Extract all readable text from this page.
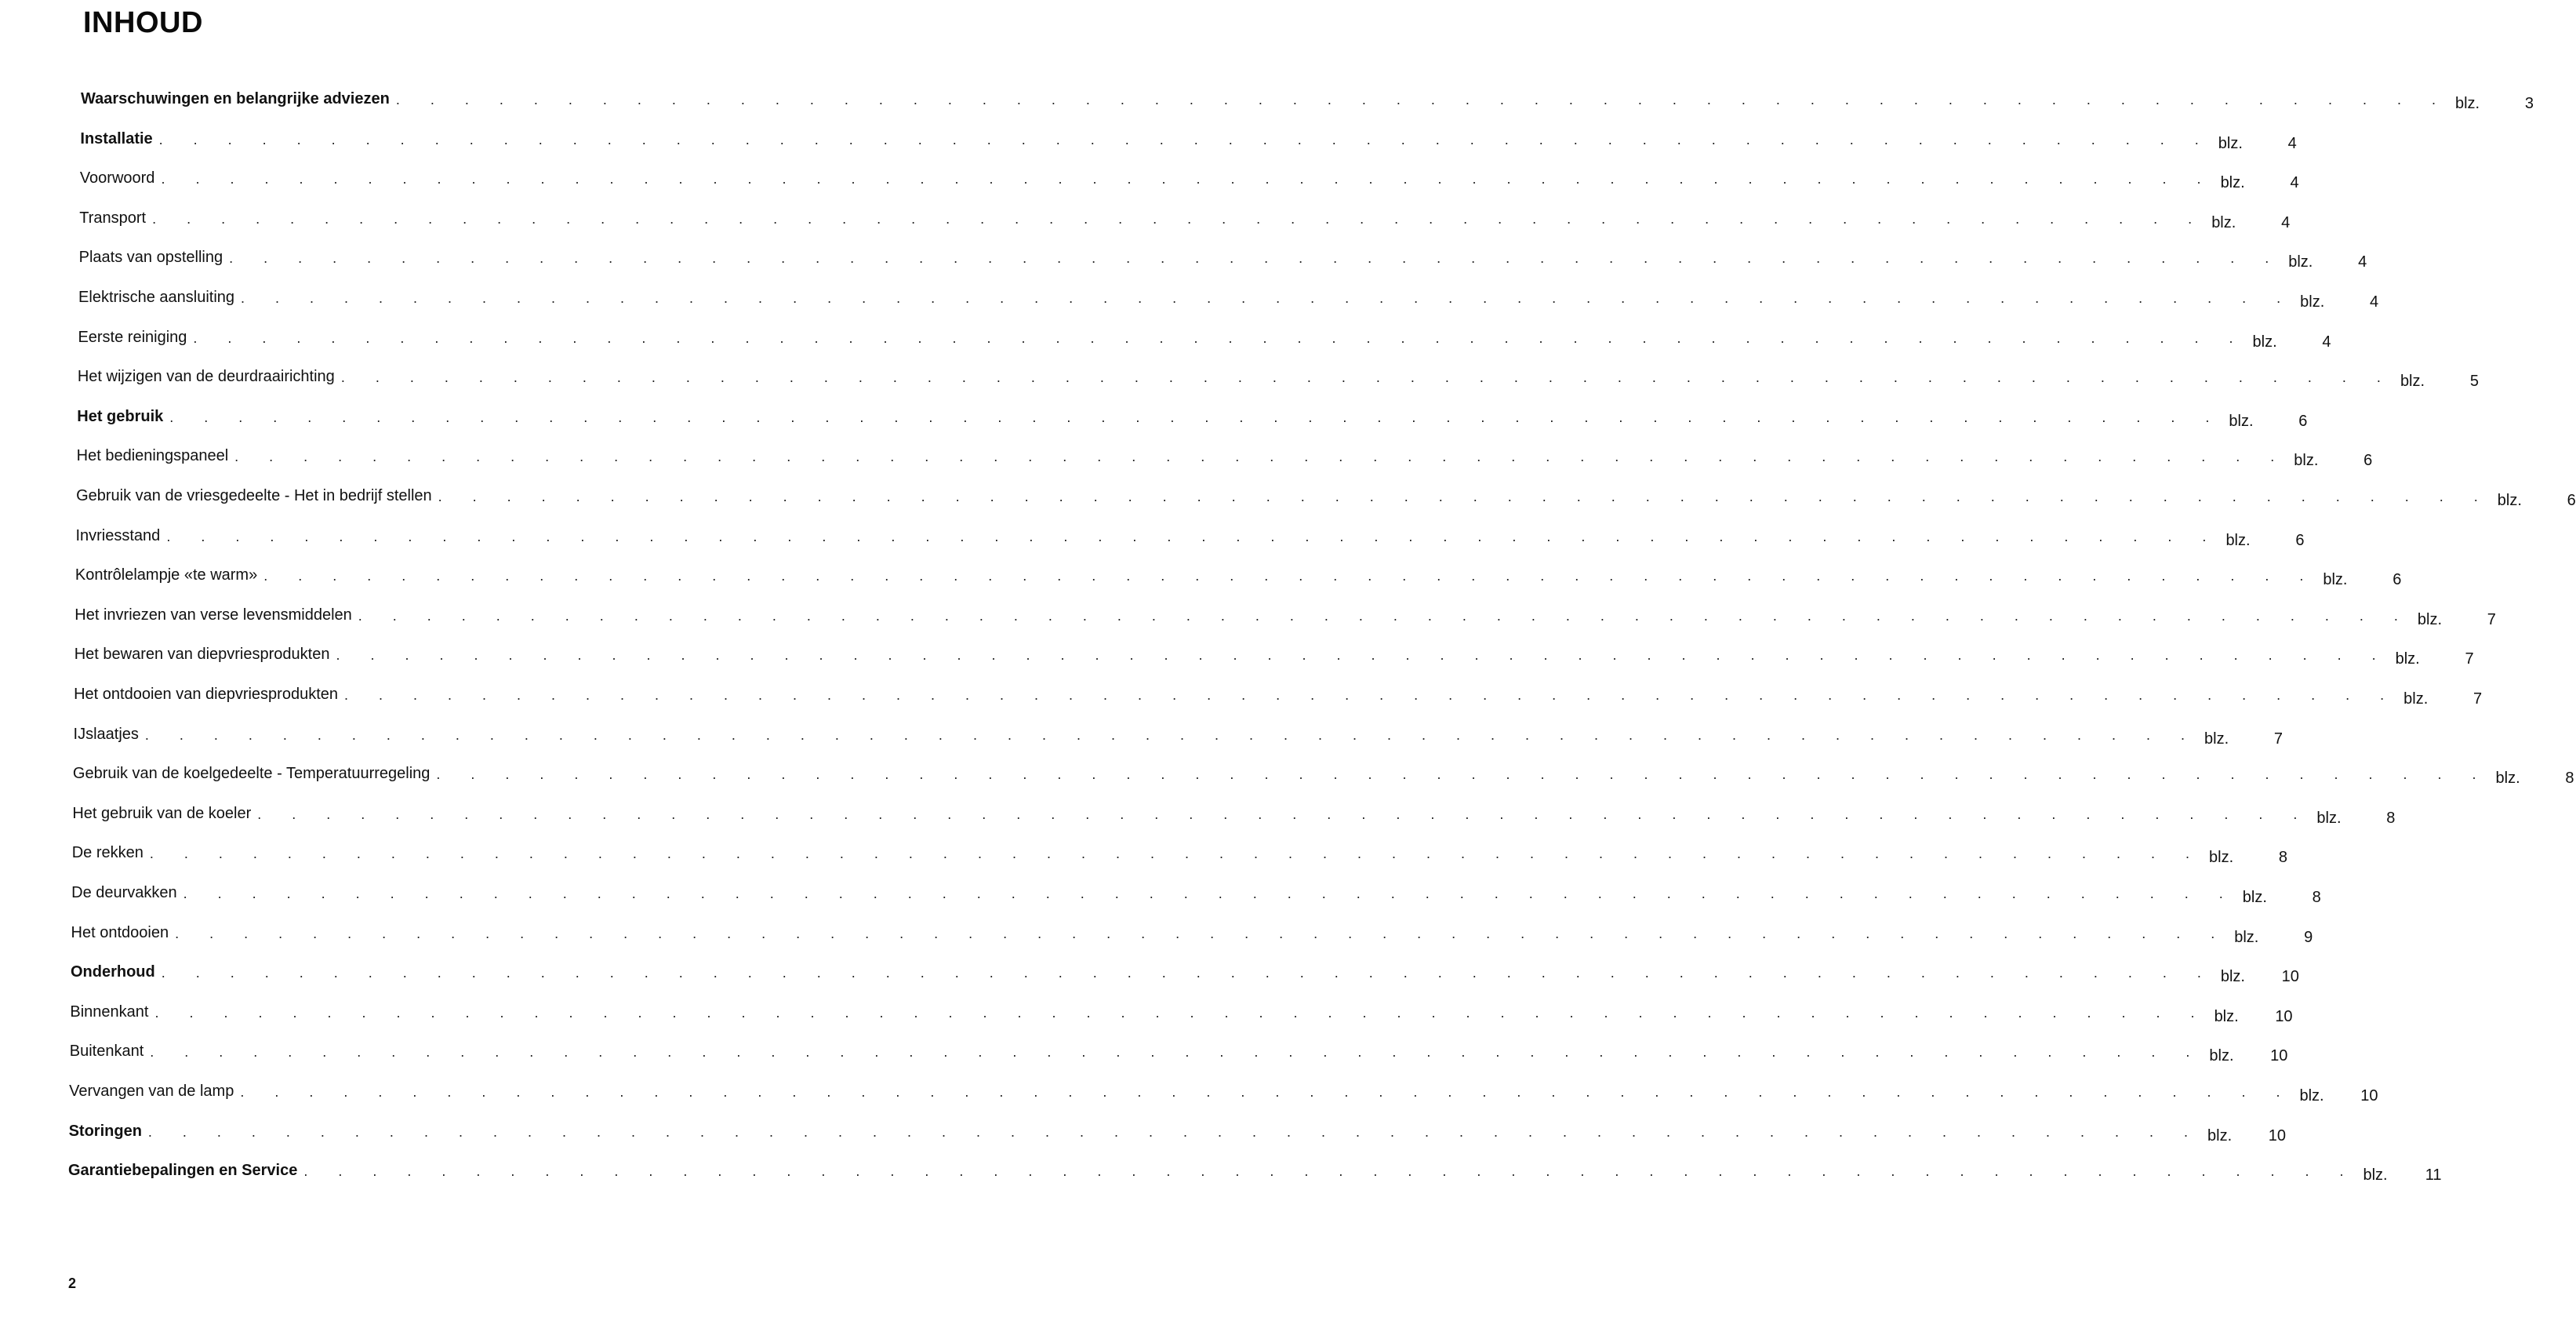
INHOUD
Waarschuwingen en belangrijke adviezen . . . . . . . . . . . . . . . . . . . . . . . . . . . . . . . . . . . . . . . . . . . . . . . . . . . . . . . . . . . . blz.	3
Installatie . . . . . . . . . . . . . . . . . . . . . . . . . . . . . . . . . . . . . . . . . . . . . . . . . . . . . . . . . . . . blz.	4
Voorwoord . . . . . . . . . . . . . . . . . . . . . . . . . . . . . . . . . . . . . . . . . . . . . . . . . . . . . . . . . . . . blz.	4
Transport . . . . . . . . . . . . . . . . . . . . . . . . . . . . . . . . . . . . . . . . . . . . . . . . . . . . . . . . . . . . blz.	4
Plaats van opstelling . . . . . . . . . . . . . . . . . . . . . . . . . . . . . . . . . . . . . . . . . . . . . . . . . . . . . . . . . . . . blz.	4
Elektrische aansluiting . . . . . . . . . . . . . . . . . . . . . . . . . . . . . . . . . . . . . . . . . . . . . . . . . . . . . . . . . . . . blz.	4
Eerste reiniging . . . . . . . . . . . . . . . . . . . . . . . . . . . . . . . . . . . . . . . . . . . . . . . . . . . . . . . . . . . . blz.	4
Het wijzigen van de deurdraairichting . . . . . . . . . . . . . . . . . . . . . . . . . . . . . . . . . . . . . . . . . . . . . . . . . . . . . . . . . . . . blz.	5
Het gebruik . . . . . . . . . . . . . . . . . . . . . . . . . . . . . . . . . . . . . . . . . . . . . . . . . . . . . . . . . . . . blz.	6
Het bedieningspaneel . . . . . . . . . . . . . . . . . . . . . . . . . . . . . . . . . . . . . . . . . . . . . . . . . . . . . . . . . . . . blz.	6
Gebruik van de vriesgedeelte - Het in bedrijf stellen . . . . . . . . . . . . . . . . . . . . . . . . . . . . . . . . . . . . . . . . . . . . . . . . . . . . . . . . . . . . blz.	6
Invriesstand . . . . . . . . . . . . . . . . . . . . . . . . . . . . . . . . . . . . . . . . . . . . . . . . . . . . . . . . . . . . blz.	6
Kontrôlelampje «te warm» . . . . . . . . . . . . . . . . . . . . . . . . . . . . . . . . . . . . . . . . . . . . . . . . . . . . . . . . . . . . blz.	6
Het invriezen van verse levensmiddelen . . . . . . . . . . . . . . . . . . . . . . . . . . . . . . . . . . . . . . . . . . . . . . . . . . . . . . . . . . . . blz.	7
Het bewaren van diepvriesprodukten . . . . . . . . . . . . . . . . . . . . . . . . . . . . . . . . . . . . . . . . . . . . . . . . . . . . . . . . . . . . blz.	7
Het ontdooien van diepvriesprodukten . . . . . . . . . . . . . . . . . . . . . . . . . . . . . . . . . . . . . . . . . . . . . . . . . . . . . . . . . . . . blz.	7
IJslaatjes . . . . . . . . . . . . . . . . . . . . . . . . . . . . . . . . . . . . . . . . . . . . . . . . . . . . . . . . . . . . blz.	7
Gebruik van de koelgedeelte - Temperatuurregeling . . . . . . . . . . . . . . . . . . . . . . . . . . . . . . . . . . . . . . . . . . . . . . . . . . . . . . . . . . . . blz.	8
Het gebruik van de koeler . . . . . . . . . . . . . . . . . . . . . . . . . . . . . . . . . . . . . . . . . . . . . . . . . . . . . . . . . . . . blz.	8
De rekken . . . . . . . . . . . . . . . . . . . . . . . . . . . . . . . . . . . . . . . . . . . . . . . . . . . . . . . . . . . . blz.	8
De deurvakken . . . . . . . . . . . . . . . . . . . . . . . . . . . . . . . . . . . . . . . . . . . . . . . . . . . . . . . . . . . . blz.	8
Het ontdooien . . . . . . . . . . . . . . . . . . . . . . . . . . . . . . . . . . . . . . . . . . . . . . . . . . . . . . . . . . . . blz.	9
Onderhoud . . . . . . . . . . . . . . . . . . . . . . . . . . . . . . . . . . . . . . . . . . . . . . . . . . . . . . . . . . . . blz.	10
Binnenkant . . . . . . . . . . . . . . . . . . . . . . . . . . . . . . . . . . . . . . . . . . . . . . . . . . . . . . . . . . . . blz.	10
Buitenkant . . . . . . . . . . . . . . . . . . . . . . . . . . . . . . . . . . . . . . . . . . . . . . . . . . . . . . . . . . . . blz.	10
Vervangen van de lamp . . . . . . . . . . . . . . . . . . . . . . . . . . . . . . . . . . . . . . . . . . . . . . . . . . . . . . . . . . . . blz.	10
Storingen . . . . . . . . . . . . . . . . . . . . . . . . . . . . . . . . . . . . . . . . . . . . . . . . . . . . . . . . . . . . blz.	10
Garantiebepalingen en Service . . . . . . . . . . . . . . . . . . . . . . . . . . . . . . . . . . . . . . . . . . . . . . . . . . . . . . . . . . . . blz.	11
2
